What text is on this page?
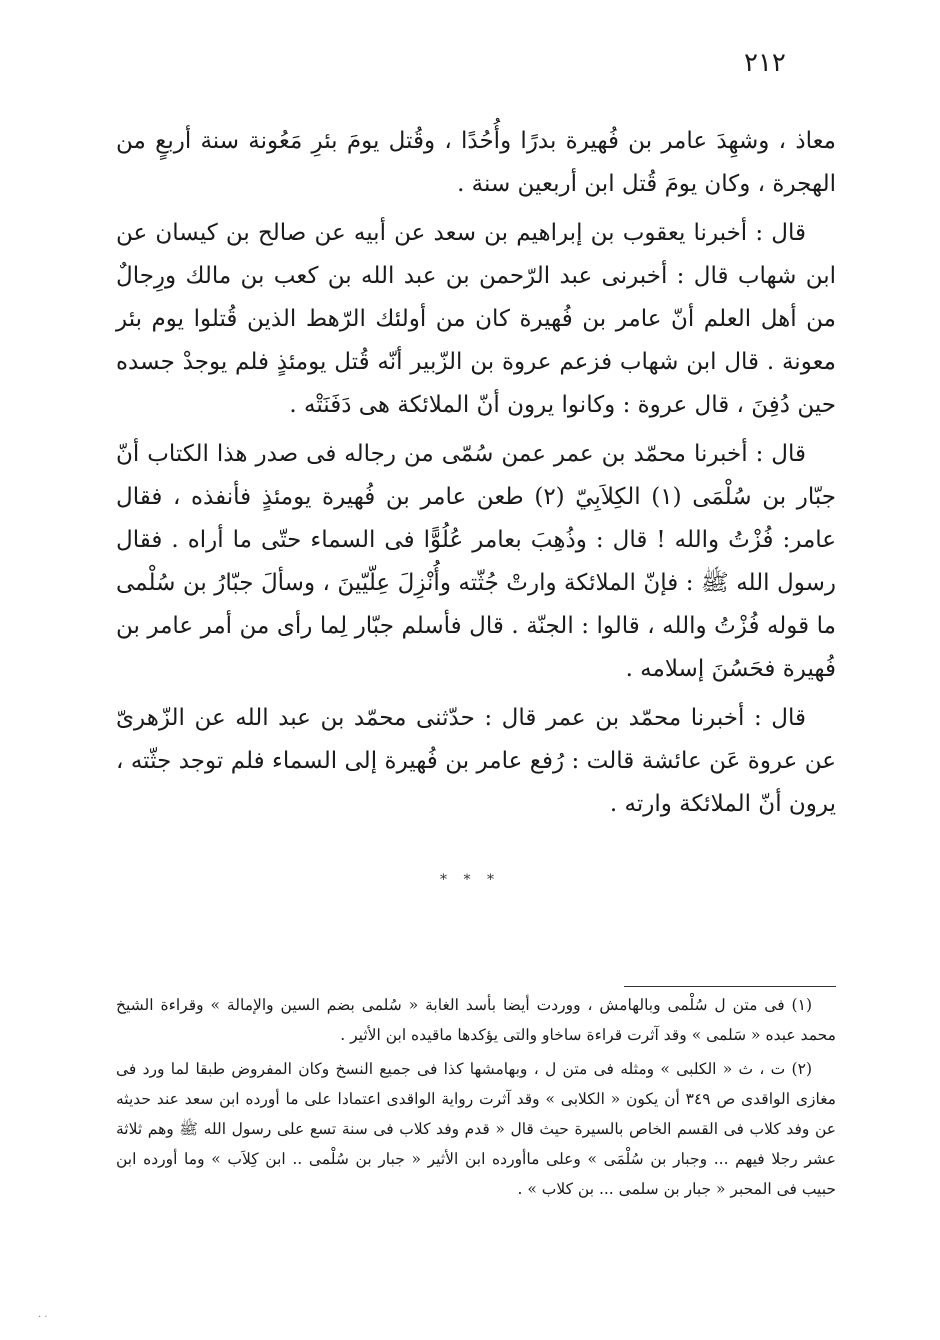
٢١٢

معاذ ، وشهِدَ عامر بن فُهيرة بدرًا وأُحُدًا ، وقُتل يومَ بئرِ مَعُونة سنة أربعٍ من الهجرة ، وكان يومَ قُتل ابن أربعين سنة .

قال : أخبرنا يعقوب بن إبراهيم بن سعد عن أبيه عن صالح بن كيسان عن ابن شهاب قال : أخبرنى عبد الرّحمن بن عبد الله بن كعب بن مالك ورِجالٌ من أهل العلم أنّ عامر بن فُهيرة كان من أولئك الرّهط الذين قُتلوا يوم بئر معونة . قال ابن شهاب فزعم عروة بن الزّبير أنّه قُتل يومئذٍ فلم يوجدْ جسده حين دُفِنَ ، قال عروة : وكانوا يرون أنّ الملائكة هى دَفَنَتْه .

قال : أخبرنا محمّد بن عمر عمن سُمّى من رجاله فى صدر هذا الكتاب أنّ جبّار بن سُلْمَى (١) الكِلاَبِيّ (٢) طعن عامر بن فُهيرة يومئذٍ فأنفذه ، فقال عامر: فُزْتُ والله ! قال : وذُهِبَ بعامر عُلُوًّا فى السماء حتّى ما أراه . فقال رسول الله ﷺ : فإنّ الملائكة وارتْ جُثّته وأُنْزِلَ عِلّيّينَ ، وسألَ جبّارُ بن سُلْمى ما قوله فُزْتُ والله ، قالوا : الجنّة . قال فأسلم جبّار لِما رأى من أمر عامر بن فُهيرة فحَسُنَ إسلامه .

قال : أخبرنا محمّد بن عمر قال : حدّثنى محمّد بن عبد الله عن الزّهرىّ عن عروة عَن عائشة قالت : رُفع عامر بن فُهيرة إلى السماء فلم توجد جثّته ، يرون أنّ الملائكة وارته .

* * *

(١) فى متن ل سُلْمى وبالهامش ، ووردت أيضا بأسد الغابة « سُلمى بضم السين والإمالة » وقراءة الشيخ محمد عبده « سَلمى » وقد آثرت قراءة ساخاو والتى يؤكدها ماقيده ابن الأثير .

(٢) ت ، ث « الكلبى » ومثله فى متن ل ، وبهامشها كذا فى جميع النسخ وكان المفروض طبقا لما ورد فى مغازى الواقدى ص ٣٤٩ أن يكون « الكلابى » وقد آثرت رواية الواقدى اعتمادا على ما أورده ابن سعد عند حديثه عن وفد كلاب فى القسم الخاص بالسيرة حيث قال « قدم وفد كلاب فى سنة تسع على رسول الله ﷺ وهم ثلاثة عشر رجلا فيهم ... وجبار بن سُلْمَى » وعلى ماأورده ابن الأثير « جبار بن سُلْمى .. ابن كِلاَب » وما أورده ابن حبيب فى المحبر « جبار بن سلمى ... بن كلاب » .

· ·
